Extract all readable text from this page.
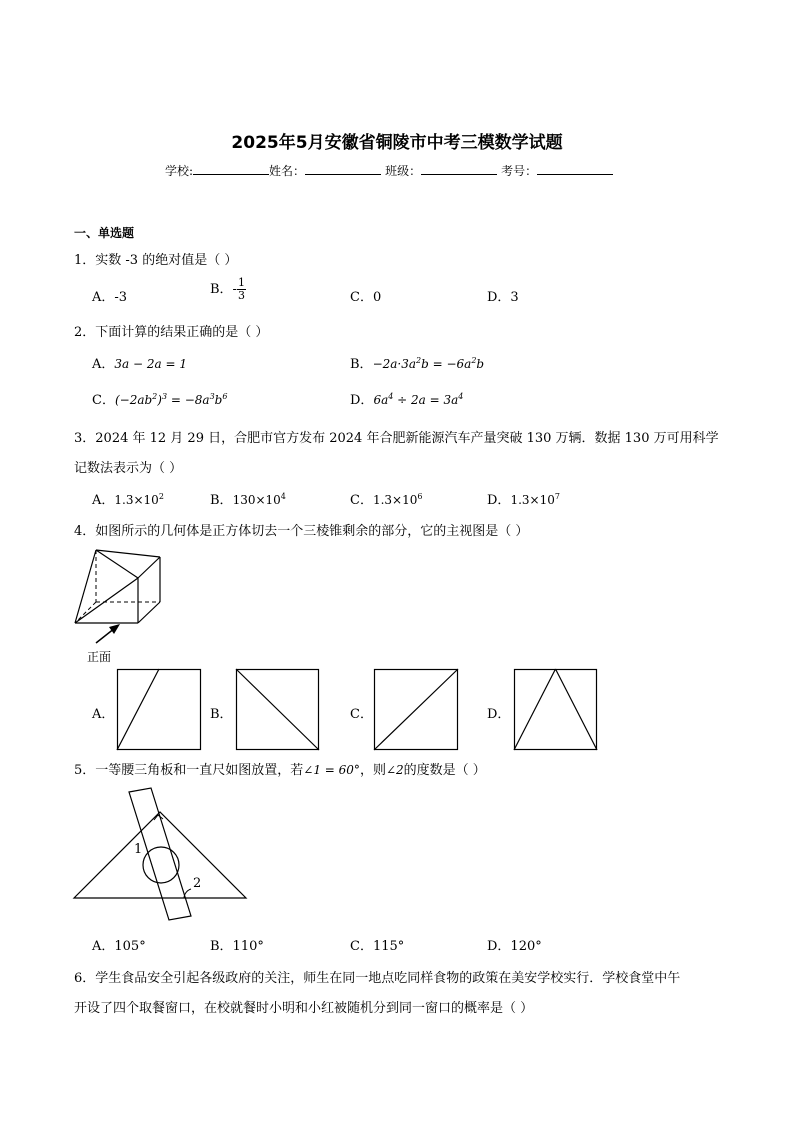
2025年5月安徽省铜陵市中考三模数学试题
学校:	姓名：	班级：	考号：
一、单选题
1．实数 -3 的绝对值是（ ）
A．-3
B．- $\frac{1}{3}$	C．0	D．3
2．下面计算的结果正确的是（ ）
A．3a − 2a = 1	B．$-2a\cdot 3a^2b = -6a^2b$
C．$(-2ab^2)^3 = -8a^3b^6$	D．$6a^4 \div 2a = 3a^4$
3．2024 年 12 月 29 日，合肥市官方发布 2024 年合肥新能源汽车产量突破 130 万辆．数据 130 万可用科学
记数法表示为（ ）
A．$1.3\times 10^2$	B．$130\times 10^4$	C．$1.3\times 10^6$	D．$1.3\times 10^7$
4．如图所示的几何体是正方体切去一个三棱锥剩余的部分，它的主视图是（ ）
正面
A．	B．	C．	D．
5．一等腰三角板和一直尺如图放置，若∠1 = 60°，则∠2的度数是（ ）
1
2
A．105°	B．110°	C．115°	D．120°
6．学生食品安全引起各级政府的关注，师生在同一地点吃同样食物的政策在美安学校实行．学校食堂中午
开设了四个取餐窗口，在校就餐时小明和小红被随机分到同一窗口的概率是（ ）
